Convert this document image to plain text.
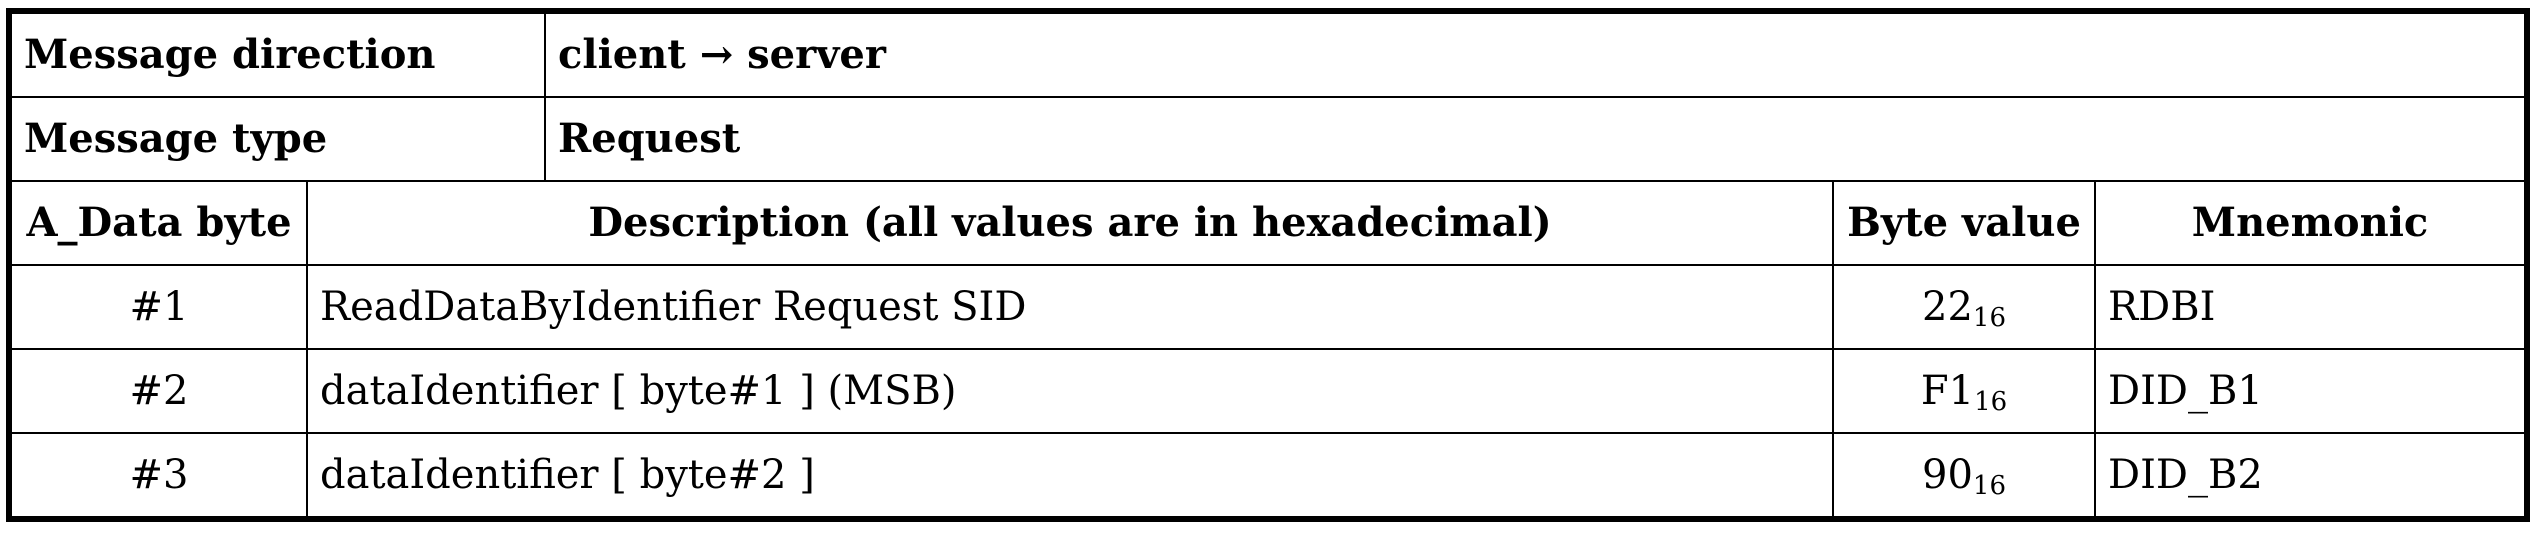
Message direction		client → server		
Message type		Request		
A_Data byte	Description (all values are in hexadecimal)		Byte value	Mnemonic
#1	ReadDataByIdentifier Request SID		$22_{16}$	RDBI
#2	dataIdentifier [ byte#1 ] (MSB)		$F1_{16}$	DID_B1
#3	dataIdentifier [ byte#2 ]		$90_{16}$	DID_B2
